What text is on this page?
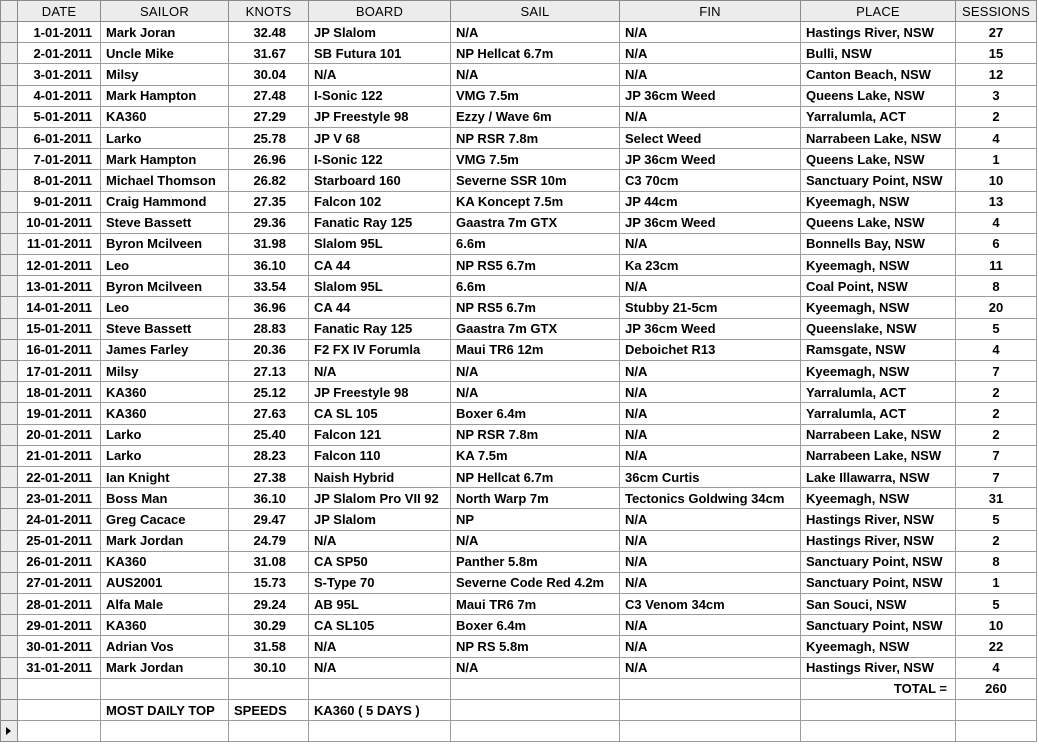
	DATE	SAILOR	KNOTS	BOARD	SAIL	FIN	PLACE	SESSIONS
	1-01-2011	Mark Joran	32.48	JP Slalom	N/A	N/A	Hastings River, NSW	27
	2-01-2011	Uncle Mike	31.67	SB Futura 101	NP Hellcat 6.7m	N/A	Bulli, NSW	15
	3-01-2011	Milsy	30.04	N/A	N/A	N/A	Canton Beach, NSW	12
	4-01-2011	Mark Hampton	27.48	I-Sonic 122	VMG 7.5m	JP 36cm Weed	Queens Lake, NSW	3
	5-01-2011	KA360	27.29	JP Freestyle 98	Ezzy / Wave 6m	N/A	Yarralumla, ACT	2
	6-01-2011	Larko	25.78	JP V 68	NP RSR 7.8m	Select Weed	Narrabeen Lake, NSW	4
	7-01-2011	Mark Hampton	26.96	I-Sonic 122	VMG 7.5m	JP 36cm Weed	Queens Lake, NSW	1
	8-01-2011	Michael Thomson	26.82	Starboard 160	Severne SSR 10m	C3 70cm	Sanctuary Point, NSW	10
	9-01-2011	Craig Hammond	27.35	Falcon 102	KA Koncept 7.5m	JP 44cm	Kyeemagh, NSW	13
	10-01-2011	Steve Bassett	29.36	Fanatic Ray 125	Gaastra 7m GTX	JP 36cm Weed	Queens Lake, NSW	4
	11-01-2011	Byron Mcilveen	31.98	Slalom 95L	6.6m	N/A	Bonnells Bay, NSW	6
	12-01-2011	Leo	36.10	CA 44	NP RS5 6.7m	Ka 23cm	Kyeemagh, NSW	11
	13-01-2011	Byron Mcilveen	33.54	Slalom 95L	6.6m	N/A	Coal Point, NSW	8
	14-01-2011	Leo	36.96	CA 44	NP RS5 6.7m	Stubby 21-5cm	Kyeemagh, NSW	20
	15-01-2011	Steve Bassett	28.83	Fanatic Ray 125	Gaastra 7m GTX	JP 36cm Weed	Queenslake, NSW	5
	16-01-2011	James Farley	20.36	F2 FX IV Forumla	Maui TR6 12m	Deboichet R13	Ramsgate, NSW	4
	17-01-2011	Milsy	27.13	N/A	N/A	N/A	Kyeemagh, NSW	7
	18-01-2011	KA360	25.12	JP Freestyle 98	N/A	N/A	Yarralumla, ACT	2
	19-01-2011	KA360	27.63	CA SL 105	Boxer 6.4m	N/A	Yarralumla, ACT	2
	20-01-2011	Larko	25.40	Falcon 121	NP RSR 7.8m	N/A	Narrabeen Lake, NSW	2
	21-01-2011	Larko	28.23	Falcon 110	KA 7.5m	N/A	Narrabeen Lake, NSW	7
	22-01-2011	Ian Knight	27.38	Naish Hybrid	NP Hellcat 6.7m	36cm Curtis	Lake Illawarra, NSW	7
	23-01-2011	Boss Man	36.10	JP Slalom Pro VII 92	North Warp 7m	Tectonics Goldwing 34cm	Kyeemagh, NSW	31
	24-01-2011	Greg Cacace	29.47	JP Slalom	NP	N/A	Hastings River, NSW	5
	25-01-2011	Mark Jordan	24.79	N/A	N/A	N/A	Hastings River, NSW	2
	26-01-2011	KA360	31.08	CA SP50	Panther 5.8m	N/A	Sanctuary Point, NSW	8
	27-01-2011	AUS2001	15.73	S-Type 70	Severne Code Red 4.2m	N/A	Sanctuary Point, NSW	1
	28-01-2011	Alfa Male	29.24	AB 95L	Maui TR6 7m	C3 Venom 34cm	San Souci, NSW	5
	29-01-2011	KA360	30.29	CA SL105	Boxer 6.4m	N/A	Sanctuary Point, NSW	10
	30-01-2011	Adrian Vos	31.58	N/A	NP RS 5.8m	N/A	Kyeemagh, NSW	22
	31-01-2011	Mark Jordan	30.10	N/A	N/A	N/A	Hastings River, NSW	4
							TOTAL =	260
		MOST DAILY TOP	SPEEDS	KA360 ( 5 DAYS )				
